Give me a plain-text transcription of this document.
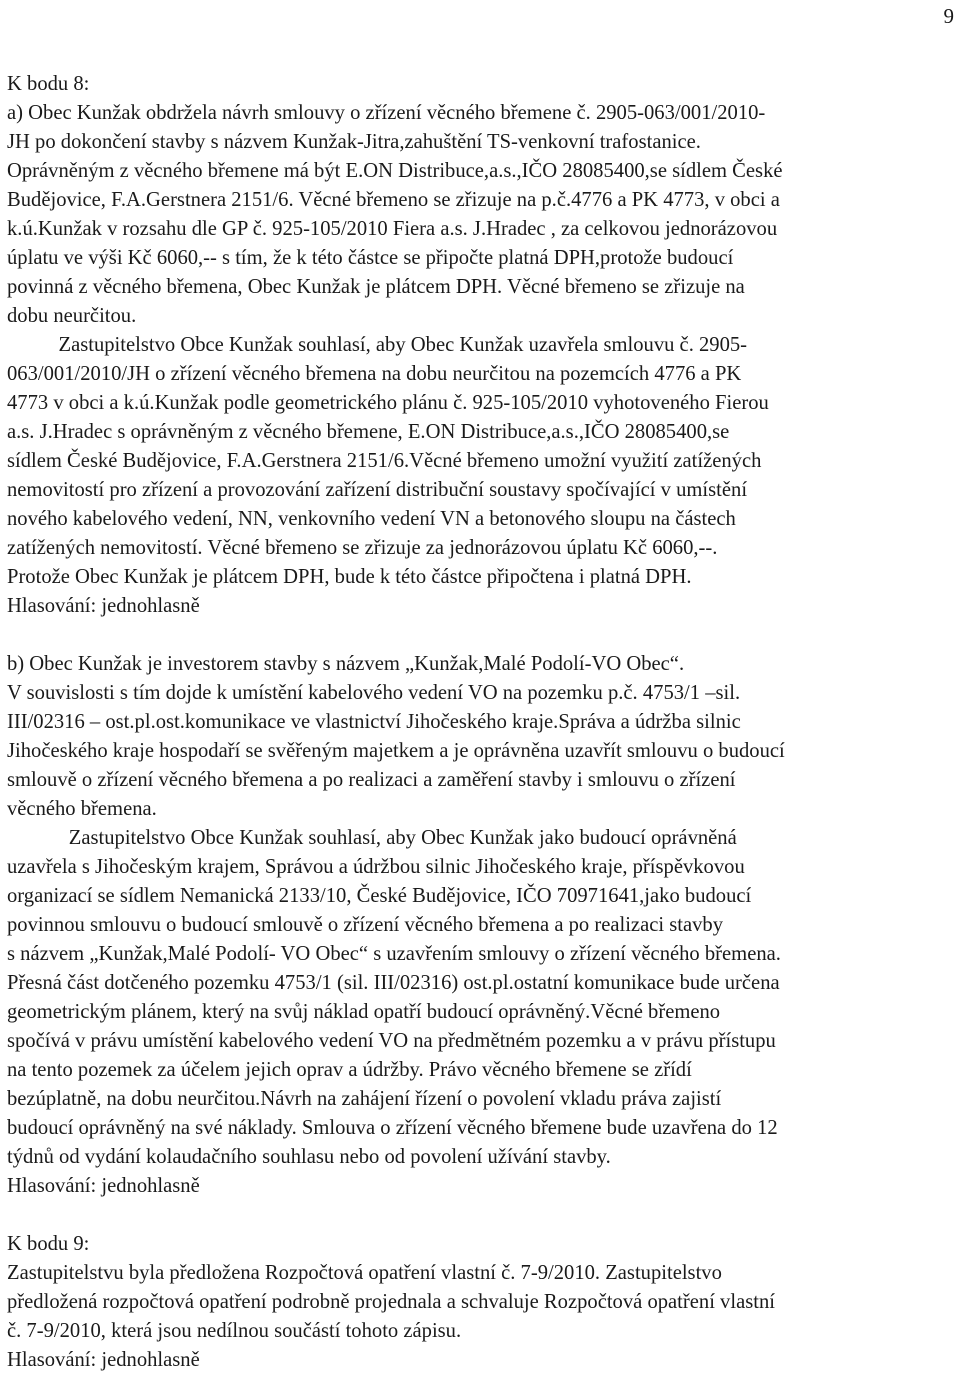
9
K bodu 8:
a) Obec Kunžak obdržela návrh smlouvy o zřízení věcného břemene č. 2905-063/001/2010-
JH po dokončení stavby s názvem Kunžak-Jitra,zahuštění TS-venkovní trafostanice.
Oprávněným z věcného břemene má být E.ON Distribuce,a.s.,IČO 28085400,se sídlem České
Budějovice, F.A.Gerstnera 2151/6. Věcné břemeno se zřizuje na p.č.4776 a PK 4773, v obci a
k.ú.Kunžak v rozsahu dle GP č. 925-105/2010 Fiera a.s. J.Hradec , za celkovou jednorázovou
úplatu ve výši Kč 6060,-- s tím, že k této částce se připočte platná DPH,protože budoucí
povinná z věcného břemena, Obec Kunžak je plátcem DPH. Věcné břemeno se zřizuje na
dobu neurčitou.
Zastupitelstvo Obce Kunžak souhlasí, aby Obec Kunžak uzavřela smlouvu č. 2905-
063/001/2010/JH o zřízení věcného břemena na dobu neurčitou na pozemcích 4776 a PK
4773 v obci a k.ú.Kunžak podle geometrického plánu č. 925-105/2010 vyhotoveného Fierou
a.s. J.Hradec s oprávněným z věcného břemene, E.ON Distribuce,a.s.,IČO 28085400,se
sídlem České Budějovice, F.A.Gerstnera 2151/6.Věcné břemeno umožní využití zatížených
nemovitostí pro zřízení a provozování zařízení distribuční soustavy spočívající v umístění
nového kabelového vedení, NN, venkovního vedení VN a betonového sloupu na částech
zatížených nemovitostí. Věcné břemeno se zřizuje za jednorázovou úplatu Kč 6060,--.
Protože Obec Kunžak je plátcem DPH, bude k této částce připočtena i platná DPH.
Hlasování: jednohlasně
b) Obec Kunžak je investorem stavby s názvem „Kunžak,Malé Podolí-VO Obec“.
V souvislosti s tím dojde k umístění kabelového vedení VO na pozemku p.č. 4753/1 –sil.
III/02316 – ost.pl.ost.komunikace ve vlastnictví Jihočeského kraje.Správa a údržba silnic
Jihočeského kraje hospodaří se svěřeným majetkem a je oprávněna uzavřít smlouvu o budoucí
smlouvě o zřízení věcného břemena a po realizaci a zaměření stavby i smlouvu o zřízení
věcného břemena.
Zastupitelstvo Obce Kunžak souhlasí, aby Obec Kunžak jako budoucí oprávněná
uzavřela s Jihočeským krajem, Správou a údržbou silnic Jihočeského kraje, příspěvkovou
organizací se sídlem Nemanická 2133/10, České Budějovice, IČO 70971641,jako budoucí
povinnou smlouvu o budoucí smlouvě o zřízení věcného břemena a po realizaci stavby
s názvem „Kunžak,Malé Podolí- VO Obec“ s uzavřením smlouvy o zřízení věcného břemena.
Přesná část dotčeného pozemku 4753/1 (sil. III/02316) ost.pl.ostatní komunikace bude určena
geometrickým plánem, který na svůj náklad opatří budoucí oprávněný.Věcné břemeno
spočívá v právu umístění kabelového vedení VO na předmětném pozemku a v právu přístupu
na tento pozemek za účelem jejich oprav a údržby. Právo věcného břemene se zřídí
bezúplatně, na dobu neurčitou.Návrh na zahájení řízení o povolení vkladu práva zajistí
budoucí oprávněný na své náklady. Smlouva o zřízení věcného břemene bude uzavřena do 12
týdnů od vydání kolaudačního souhlasu nebo od povolení užívání stavby.
Hlasování: jednohlasně
K bodu 9:
Zastupitelstvu byla předložena Rozpočtová opatření vlastní č. 7-9/2010. Zastupitelstvo
předložená rozpočtová opatření podrobně projednala a schvaluje Rozpočtová opatření vlastní
č. 7-9/2010, která jsou nedílnou součástí tohoto zápisu.
Hlasování: jednohlasně
